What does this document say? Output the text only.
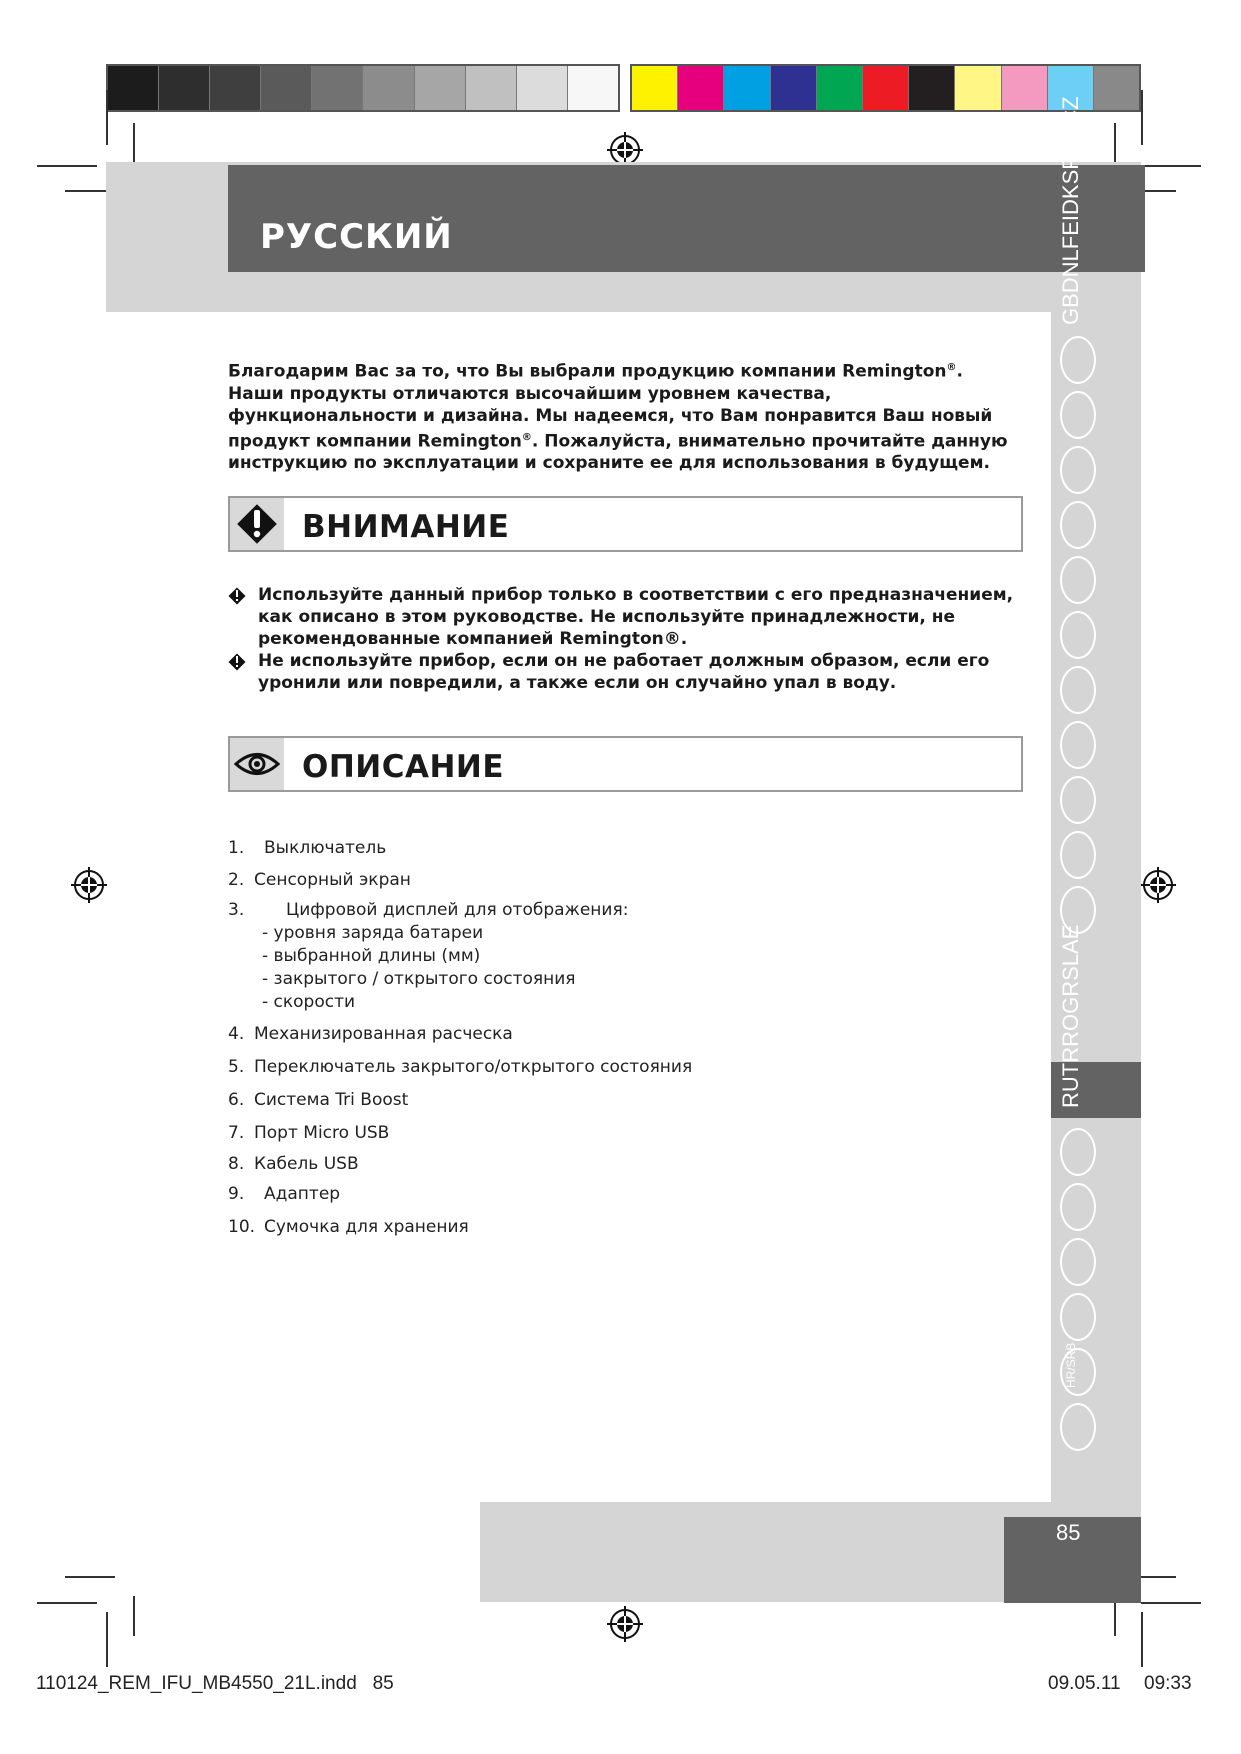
РУССКИЙ	GBDNLFEIDKSPSKCZ
RUTRROGRSLAE
HR/SRB
Благодарим Вас за то, что Вы выбрали продукцию компании Remington®. Наши продукты отличаются высочайшим уровнем качества, функциональности и дизайна. Мы надеемся, что Вам понравится Ваш новый продукт компании Remington®. Пожалуйста, внимательно прочитайте данную инструкцию по эксплуатации и сохраните ее для использования в будущем.
ВНИМАНИЕ
Используйте данный прибор только в соответствии с его предназначением, как описано в этом руководстве. Не используйте принадлежности, не рекомендованные компанией Remington®.
Не используйте прибор, если он не работает должным образом, если его уронили или повредили, а также если он случайно упал в воду.
ОПИСАНИЕ
1. Выключатель
2. Сенсорный экран
3. Цифровой дисплей для отображения:
- уровня заряда батареи
- выбранной длины (мм)
- закрытого / открытого состояния
- скорости
4. Механизированная расческа
5. Переключатель закрытого/открытого состояния
6. Система Tri Boost
7. Порт Micro USB
8. Кабель USB
9. Адаптер
10. Сумочка для хранения
85
110124_REM_IFU_MB4550_21L.indd   85	09.05.11 09:33
